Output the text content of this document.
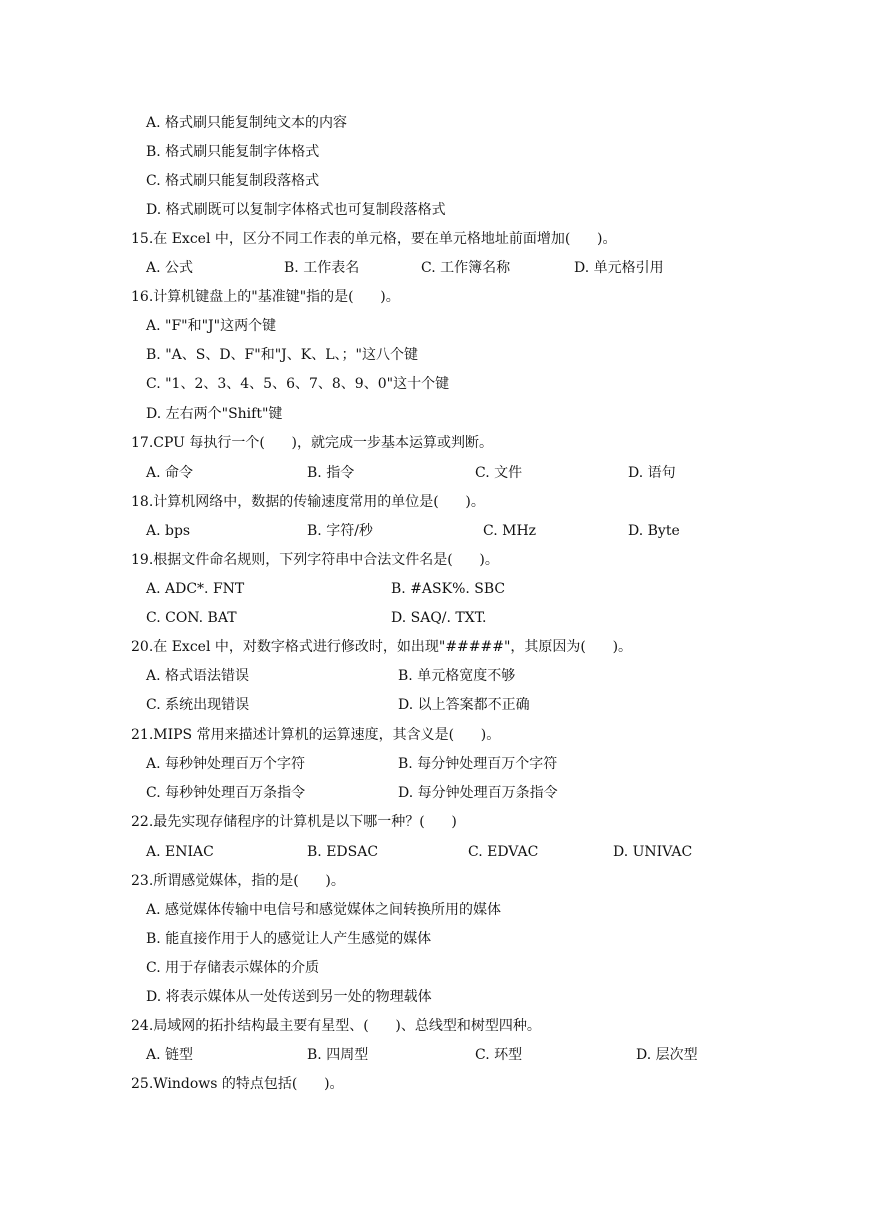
A. 格式刷只能复制纯文本的内容
B. 格式刷只能复制字体格式
C. 格式刷只能复制段落格式
D. 格式刷既可以复制字体格式也可复制段落格式
15.在 Excel 中，区分不同工作表的单元格，要在单元格地址前面增加(      )。
A. 公式	B. 工作表名	C. 工作簿名称	D. 单元格引用
16.计算机键盘上的"基准键"指的是(      )。
A. "F"和"J"这两个键
B. "A、S、D、F"和"J、K、L、；"这八个键
C. "1、2、3、4、5、6、7、8、9、0"这十个键
D. 左右两个"Shift"键
17.CPU 每执行一个(      )，就完成一步基本运算或判断。
A. 命令	B. 指令	C. 文件	D. 语句
18.计算机网络中，数据的传输速度常用的单位是(      )。
A. bps	B. 字符/秒	C. MHz	D. Byte
19.根据文件命名规则，下列字符串中合法文件名是(      )。
A. ADC*. FNT	B. #ASK%. SBC
C. CON. BAT	D. SAQ/. TXT.
20.在 Excel 中，对数字格式进行修改时，如出现"#####"，其原因为(      )。
A. 格式语法错误	B. 单元格宽度不够
C. 系统出现错误	D. 以上答案都不正确
21.MIPS 常用来描述计算机的运算速度，其含义是(      )。
A. 每秒钟处理百万个字符	B. 每分钟处理百万个字符
C. 每秒钟处理百万条指令	D. 每分钟处理百万条指令
22.最先实现存储程序的计算机是以下哪一种？(      )
A. ENIAC	B. EDSAC	C. EDVAC	D. UNIVAC
23.所谓感觉媒体，指的是(      )。
A. 感觉媒体传输中电信号和感觉媒体之间转换所用的媒体
B. 能直接作用于人的感觉让人产生感觉的媒体
C. 用于存储表示媒体的介质
D. 将表示媒体从一处传送到另一处的物理载体
24.局域网的拓扑结构最主要有星型、(      )、总线型和树型四种。
A. 链型	B. 四周型	C. 环型	D. 层次型
25.Windows 的特点包括(      )。
